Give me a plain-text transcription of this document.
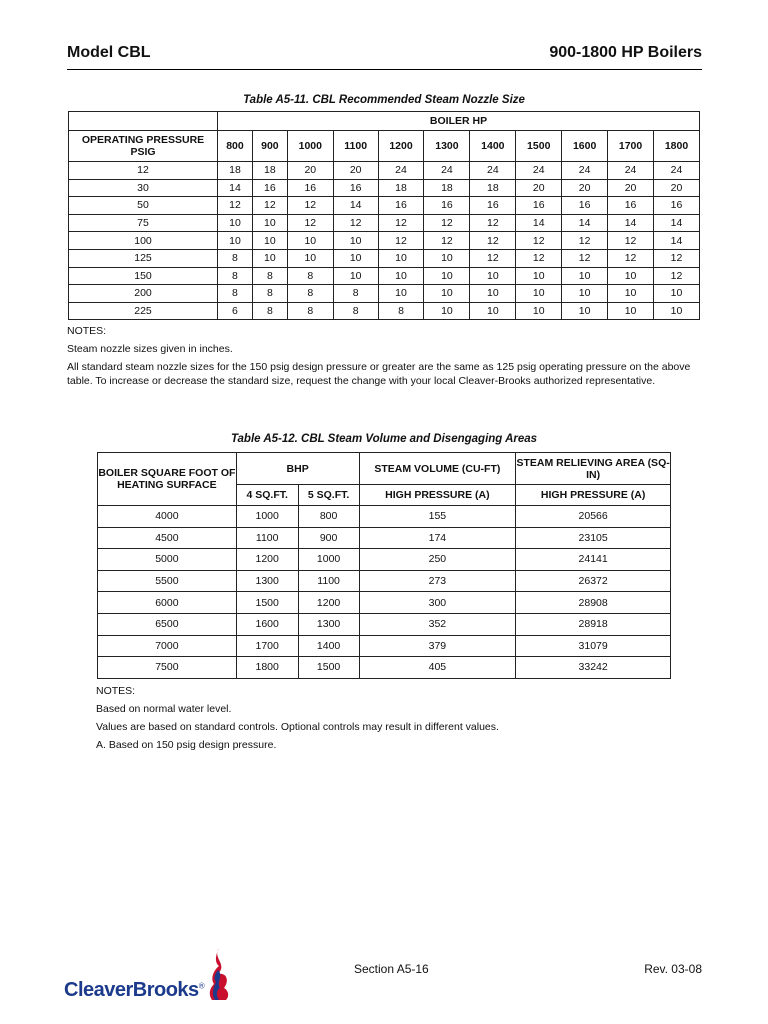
Model CBL	900-1800 HP Boilers
Table A5-11. CBL Recommended Steam Nozzle Size
	BOILER HP										
OPERATING PRESSURE PSIG	800	900	1000	1100	1200	1300	1400	1500	1600	1700	1800
12	18	18	20	20	24	24	24	24	24	24	24
30	14	16	16	16	18	18	18	20	20	20	20
50	12	12	12	14	16	16	16	16	16	16	16
75	10	10	12	12	12	12	12	14	14	14	14
100	10	10	10	10	12	12	12	12	12	12	14
125	8	10	10	10	10	10	12	12	12	12	12
150	8	8	8	10	10	10	10	10	10	10	12
200	8	8	8	8	10	10	10	10	10	10	10
225	6	8	8	8	8	10	10	10	10	10	10

NOTES:

Steam nozzle sizes given in inches.

All standard steam nozzle sizes for the 150 psig design pressure or greater are the same as 125 psig operating pressure on the above table. To increase or decrease the standard size, request the change with your local Cleaver-Brooks authorized representative.

Table A5-12. CBL Steam Volume and Disengaging Areas
BOILER SQUARE FOOT OF HEATING SURFACE	BHP		STEAM VOLUME (CU-FT)	STEAM RELIEVING AREA (SQ-IN)
	4 SQ.FT.	5 SQ.FT.	HIGH PRESSURE (A)	HIGH PRESSURE (A)
4000	1000	800	155	20566
4500	1100	900	174	23105
5000	1200	1000	250	24141
5500	1300	1100	273	26372
6000	1500	1200	300	28908
6500	1600	1300	352	28918
7000	1700	1400	379	31079
7500	1800	1500	405	33242

NOTES:

Based on normal water level.

Values are based on standard controls. Optional controls may result in different values.

A. Based on 150 psig design pressure.

CleaverBrooks®
Section A5-16	Rev. 03-08
